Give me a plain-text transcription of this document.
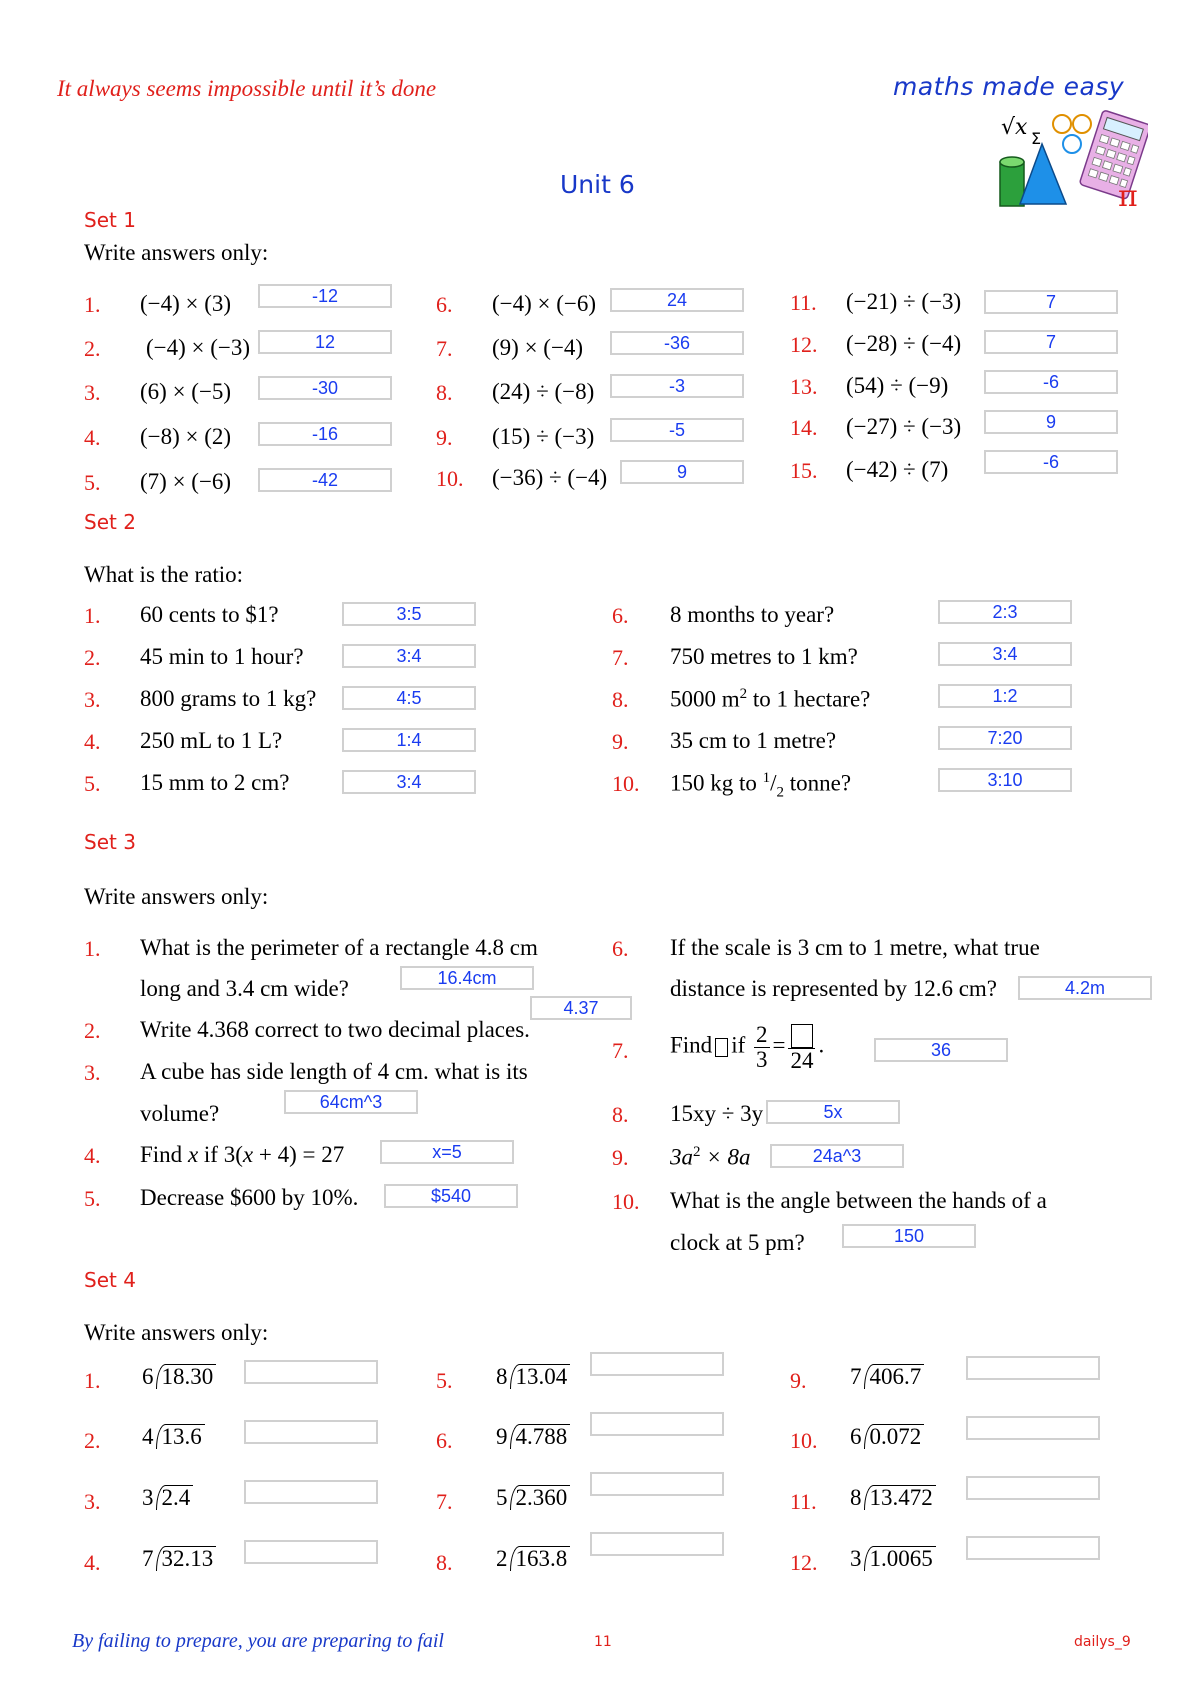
It always seems impossible until it’s done	maths made easy
√x Σ
π
Unit 6
Set 1
Write answers only:
1. (−4) × (3)	-12
2. (−4) × (−3)	12
3. (6) × (−5)	-30
4. (−8) × (2)	-16
5. (7) × (−6)	-42
6. (−4) × (−6)	24
7. (9) × (−4)	-36
8. (24) ÷ (−8)	-3
9. (15) ÷ (−3)	-5
10. (−36) ÷ (−4)	9
11. (−21) ÷ (−3)	7
12. (−28) ÷ (−4)	7
13. (54) ÷ (−9)	-6
14. (−27) ÷ (−3)	9
15. (−42) ÷ (7)	-6
Set 2
What is the ratio:
1. 60 cents to $1?	3:5
2. 45 min to 1 hour?	3:4
3. 800 grams to 1 kg?	4:5
4. 250 mL to 1 L?	1:4
5. 15 mm to 2 cm?	3:4
6. 8 months to year?	2:3
7. 750 metres to 1 km?	3:4
8. 5000 $m^2$ to 1 hectare?	1:2
9. 35 cm to 1 metre?	7:20
10. 150 kg to $^1/_2$ tonne?	3:10
Set 3
Write answers only:
1. What is the perimeter of a rectangle 4.8 cm
long and 3.4 cm wide?	16.4cm
4.37
2. Write 4.368 correct to two decimal places.
3. A cube has side length of 4 cm. what is its
volume?	64cm^3
4. Find x if 3(x + 4) = 27	x=5
5. Decrease $600 by 10%.	$540
6. If the scale is 3 cm to 1 metre, what true
distance is represented by 12.6 cm?	4.2m
7. Find if $\frac{2}{3}$ =
24
.	36
8. 15xy ÷ 3y	5x
9. $3a^2 \times 8a$	24a^3
10. What is the angle between the hands of a
clock at 5 pm?	150
Set 4
Write answers only:
1. 6 18.30
2. 4 13.6
3. 3 2.4
4. 7 32.13
5. 8 13.04
6. 9 4.788
7. 5 2.360
8. 2 163.8
9. 7 406.7
10. 6 0.072
11. 8 13.472
12. 3 1.0065
By failing to prepare, you are preparing to fail	11	dailys_9
